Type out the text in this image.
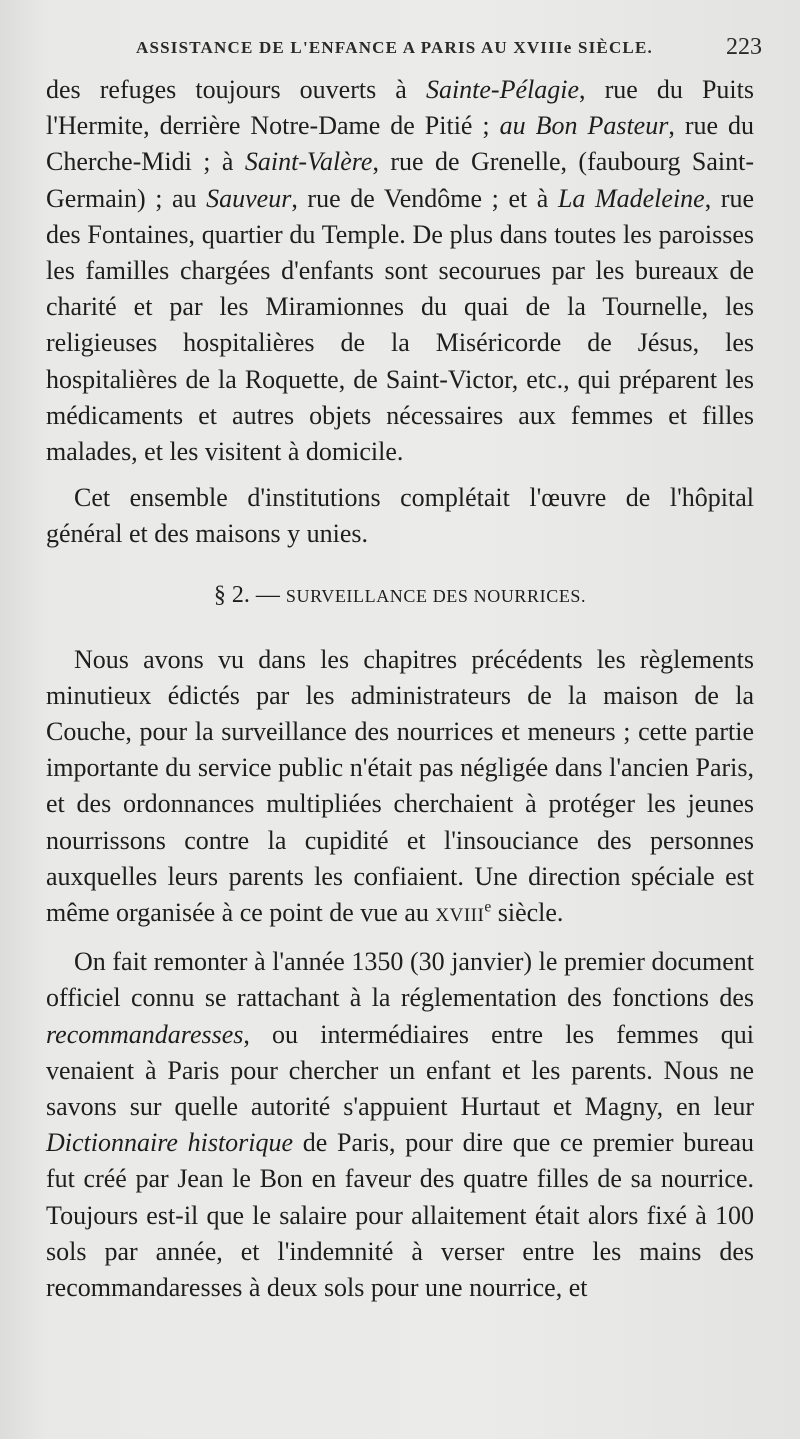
ASSISTANCE DE L'ENFANCE A PARIS AU XVIIIe SIÈCLE.	223

des refuges toujours ouverts à Sainte-Pélagie, rue du Puits l'Hermite, derrière Notre-Dame de Pitié ; au Bon Pasteur, rue du Cherche-Midi ; à Saint-Valère, rue de Grenelle, (faubourg Saint-Germain) ; au Sauveur, rue de Vendôme ; et à La Madeleine, rue des Fontaines, quartier du Temple. De plus dans toutes les paroisses les familles chargées d'enfants sont secourues par les bureaux de charité et par les Miramionnes du quai de la Tournelle, les religieuses hospitalières de la Miséricorde de Jésus, les hospitalières de la Roquette, de Saint-Victor, etc., qui préparent les médicaments et autres objets nécessaires aux femmes et filles malades, et les visitent à domicile.

Cet ensemble d'institutions complétait l'œuvre de l'hôpital général et des maisons y unies.

§ 2. — SURVEILLANCE DES NOURRICES.

Nous avons vu dans les chapitres précédents les règlements minutieux édictés par les administrateurs de la maison de la Couche, pour la surveillance des nourrices et meneurs ; cette partie importante du service public n'était pas négligée dans l'ancien Paris, et des ordonnances multipliées cherchaient à protéger les jeunes nourrissons contre la cupidité et l'insouciance des personnes auxquelles leurs parents les confiaient. Une direction spéciale est même organisée à ce point de vue au XVIIIe siècle.

On fait remonter à l'année 1350 (30 janvier) le premier document officiel connu se rattachant à la réglementation des fonctions des recommandaresses, ou intermédiaires entre les femmes qui venaient à Paris pour chercher un enfant et les parents. Nous ne savons sur quelle autorité s'appuient Hurtaut et Magny, en leur Dictionnaire historique de Paris, pour dire que ce premier bureau fut créé par Jean le Bon en faveur des quatre filles de sa nourrice. Toujours est-il que le salaire pour allaitement était alors fixé à 100 sols par année, et l'indemnité à verser entre les mains des recommandaresses à deux sols pour une nourrice, et
